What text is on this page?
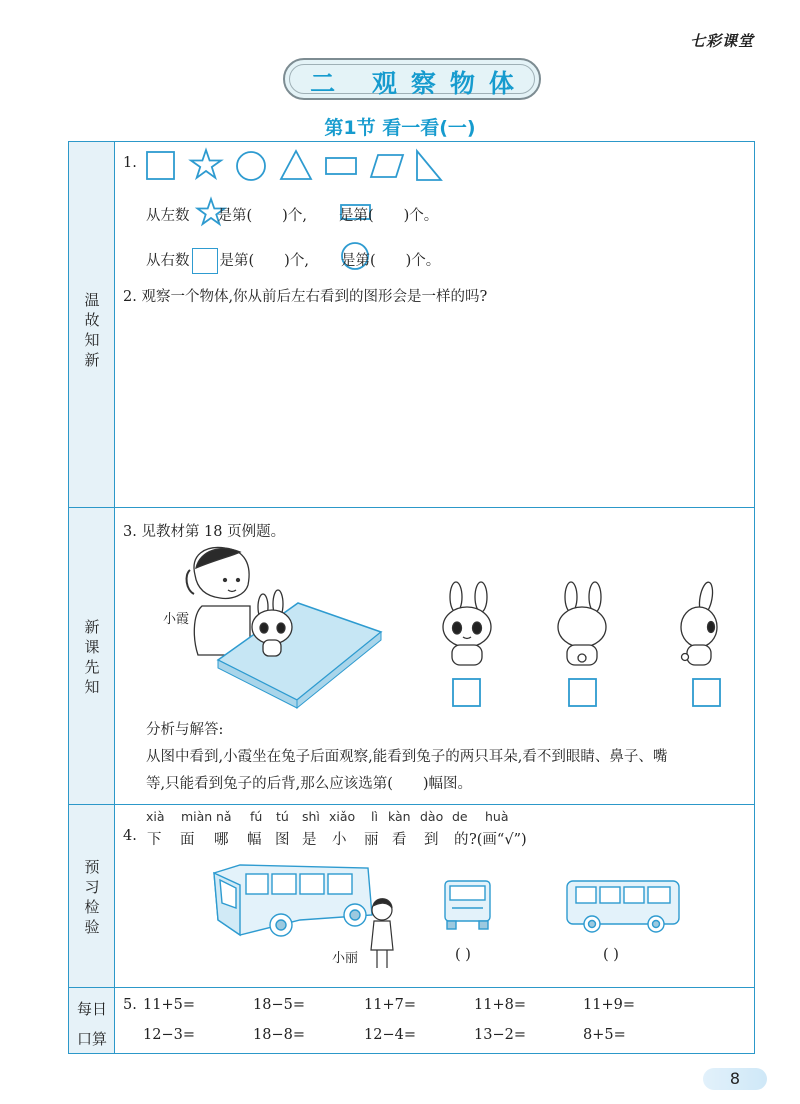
七彩课堂
二 观察物体
第1节 看一看(一)
温故知新
新课先知
预习检验
每日口算
1.
从左数 是第( )个, 是第( )个。
从右数 是第( )个, 是第( )个。
2. 观察一个物体,你从前后左右看到的图形会是一样的吗?
3. 见教材第 18 页例题。
小霞
分析与解答:
从图中看到,小霞坐在兔子后面观察,能看到兔子的两只耳朵,看不到眼睛、鼻子、嘴
等,只能看到兔子的后背,那么应该选第( )幅图。
xià miàn nǎ fú tú shì xiǎo lì kàn dào de huà
4. 下 面 哪 幅 图 是 小 丽 看 到 的 ?(画“√”)
小丽	( )	( )
5. 11+5=	18−5=	11+7=	11+8=	11+9=
12−3=	18−8=	12−4=	13−2=	8+5=
8
